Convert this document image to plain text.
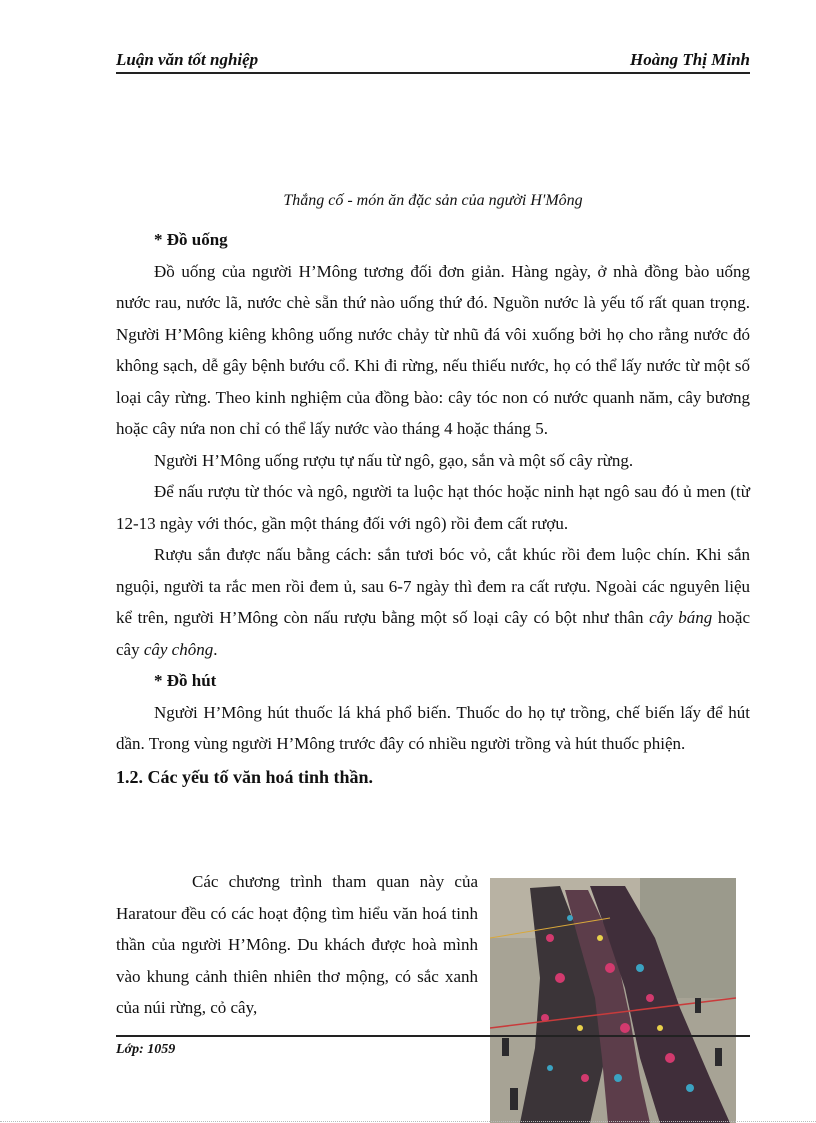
Luận văn tốt nghiệp	Hoàng Thị Minh
Thắng cố - món ăn đặc sản của người H'Mông
* Đồ uống

Đồ uống của người H’Mông tương đối đơn giản. Hàng ngày, ở nhà đồng bào uống nước rau, nước lã, nước chè sẵn thứ nào uống thứ đó. Nguồn nước là yếu tố rất quan trọng. Người H’Mông kiêng không uống nước chảy từ nhũ đá vôi xuống bởi họ cho rằng nước đó không sạch, dễ gây bệnh bướu cổ. Khi đi rừng, nếu thiếu nước, họ có thể lấy nước từ một số loại cây rừng. Theo kinh nghiệm của đồng bào: cây tóc non có nước quanh năm, cây bương hoặc cây nứa non chỉ có thể lấy nước vào tháng 4 hoặc tháng 5.

Người H’Mông uống rượu tự nấu từ ngô, gạo, sắn và một số cây rừng.

Để nấu rượu từ thóc và ngô, người ta luộc hạt thóc hoặc ninh hạt ngô sau đó ủ men (từ 12-13 ngày với thóc, gần một tháng đối với ngô) rồi đem cất rượu.

Rượu sắn được nấu bằng cách: sắn tươi bóc vỏ, cắt khúc rồi đem luộc chín. Khi sắn nguội, người ta rắc men rồi đem ủ, sau 6-7 ngày thì đem ra cất rượu. Ngoài các nguyên liệu kể trên, người H’Mông còn nấu rượu bằng một số loại cây có bột như thân cây báng hoặc cây cây chông.

* Đồ hút

Người H’Mông hút thuốc lá khá phổ biến. Thuốc do họ tự trồng, chế biến lấy để hút dần. Trong vùng người H’Mông trước đây có nhiều người trồng và hút thuốc phiện.

1.2. Các yếu tố văn hoá tinh thần.
Các chương trình tham quan này của Haratour đều có các hoạt động tìm hiểu văn hoá tinh thần của người H’Mông. Du khách được hoà mình vào khung cảnh thiên nhiên thơ mộng, có sắc xanh của núi rừng, cỏ cây,
Lớp: 1059
